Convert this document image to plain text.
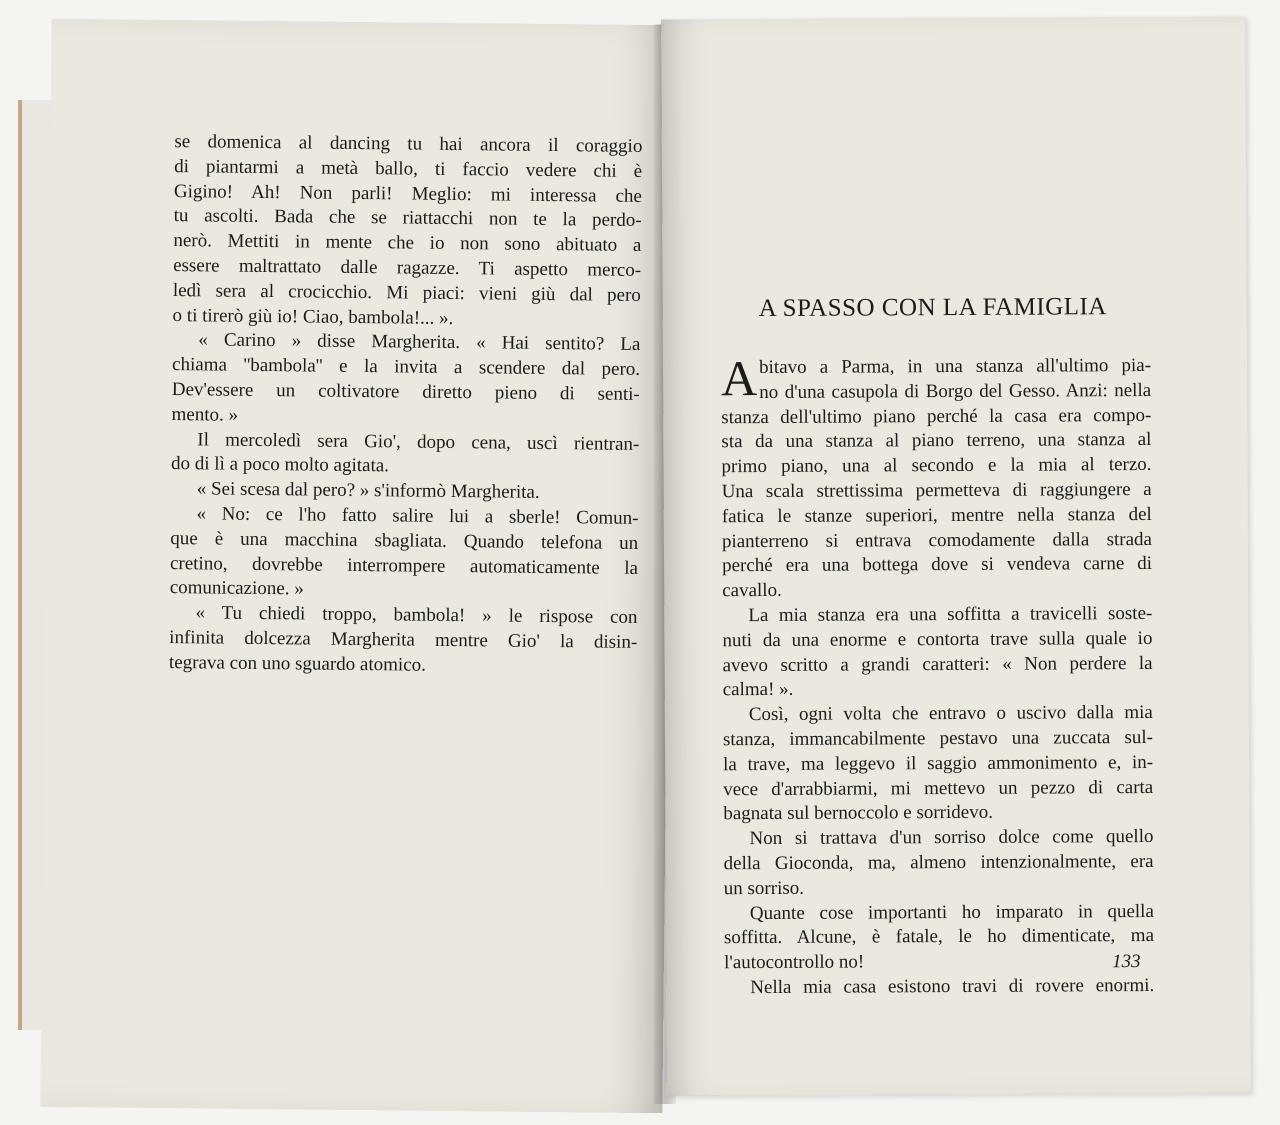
se domenica al dancing tu hai ancora il coraggio
di piantarmi a metà ballo, ti faccio vedere chi è
Gigino! Ah! Non parli! Meglio: mi interessa che
tu ascolti. Bada che se riattacchi non te la perdo-
nerò. Mettiti in mente che io non sono abituato a
essere maltrattato dalle ragazze. Ti aspetto merco-
ledì sera al crocicchio. Mi piaci: vieni giù dal pero
o ti tirerò giù io! Ciao, bambola!... ».
« Carino » disse Margherita. « Hai sentito? La
chiama ''bambola'' e la invita a scendere dal pero.
Dev'essere un coltivatore diretto pieno di senti-
mento. »
Il mercoledì sera Gio', dopo cena, uscì rientran-
do di lì a poco molto agitata.
« Sei scesa dal pero? » s'informò Margherita.
« No: ce l'ho fatto salire lui a sberle! Comun-
que è una macchina sbagliata. Quando telefona un
cretino, dovrebbe interrompere automaticamente la
comunicazione. »
« Tu chiedi troppo, bambola! » le rispose con
infinita dolcezza Margherita mentre Gio' la disin-
tegrava con uno sguardo atomico.
A SPASSO CON LA FAMIGLIA
A bitavo a Parma, in una stanza all'ultimo pia-
no d'una casupola di Borgo del Gesso. Anzi: nella
stanza dell'ultimo piano perché la casa era compo-
sta da una stanza al piano terreno, una stanza al
primo piano, una al secondo e la mia al terzo.
Una scala strettissima permetteva di raggiungere a
fatica le stanze superiori, mentre nella stanza del
pianterreno si entrava comodamente dalla strada
perché era una bottega dove si vendeva carne di
cavallo.
La mia stanza era una soffitta a travicelli soste-
nuti da una enorme e contorta trave sulla quale io
avevo scritto a grandi caratteri: « Non perdere la
calma! ».
Così, ogni volta che entravo o uscivo dalla mia
stanza, immancabilmente pestavo una zuccata sul-
la trave, ma leggevo il saggio ammonimento e, in-
vece d'arrabbiarmi, mi mettevo un pezzo di carta
bagnata sul bernoccolo e sorridevo.
Non si trattava d'un sorriso dolce come quello
della Gioconda, ma, almeno intenzionalmente, era
un sorriso.
Quante cose importanti ho imparato in quella
soffitta. Alcune, è fatale, le ho dimenticate, ma
l'autocontrollo no!
Nella mia casa esistono travi di rovere enormi.
133
